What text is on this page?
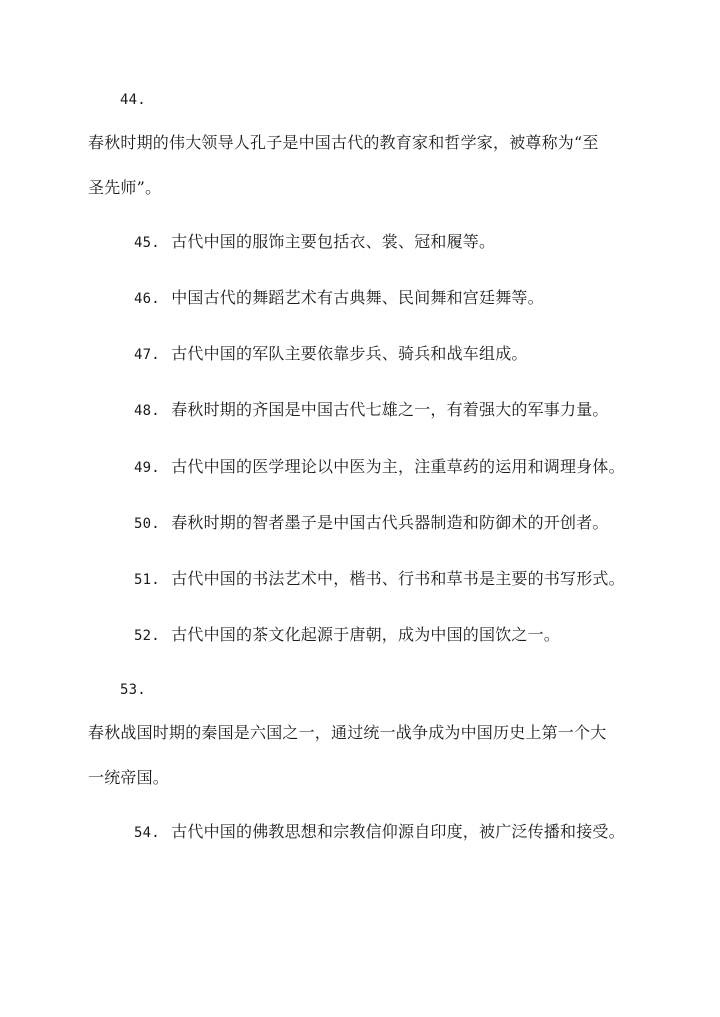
44.
春秋时期的伟大领导人孔子是中国古代的教育家和哲学家，被尊称为“至
圣先师”。
45. 古代中国的服饰主要包括衣、裳、冠和履等。
46. 中国古代的舞蹈艺术有古典舞、民间舞和宫廷舞等。
47. 古代中国的军队主要依靠步兵、骑兵和战车组成。
48. 春秋时期的齐国是中国古代七雄之一，有着强大的军事力量。
49. 古代中国的医学理论以中医为主，注重草药的运用和调理身体。
50. 春秋时期的智者墨子是中国古代兵器制造和防御术的开创者。
51. 古代中国的书法艺术中，楷书、行书和草书是主要的书写形式。
52. 古代中国的茶文化起源于唐朝，成为中国的国饮之一。
53.
春秋战国时期的秦国是六国之一，通过统一战争成为中国历史上第一个大
一统帝国。
54. 古代中国的佛教思想和宗教信仰源自印度，被广泛传播和接受。
